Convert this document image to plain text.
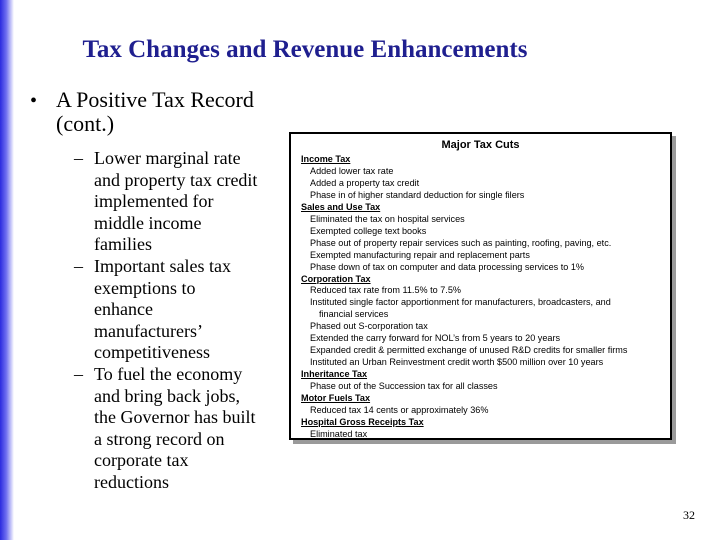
Tax Changes and Revenue Enhancements
• A Positive Tax Record
(cont.)
– Lower marginal rate
and property tax credit
implemented for
middle income
families
– Important sales tax
exemptions to
enhance
manufacturers’
competitiveness
– To fuel the economy
and bring back jobs,
the Governor has built
a strong record on
corporate tax
reductions
Major Tax Cuts
Income Tax
Added lower tax rate
Added a property tax credit
Phase in of higher standard deduction for single filers
Sales and Use Tax
Eliminated the tax on hospital services
Exempted college text books
Phase out of property repair services such as painting, roofing, paving, etc.
Exempted manufacturing repair and replacement parts
Phase down of tax on computer and data processing services to 1%
Corporation Tax
Reduced tax rate from 11.5% to 7.5%
Instituted single factor apportionment for manufacturers, broadcasters, and
financial services
Phased out S-corporation tax
Extended the carry forward for NOL’s from 5 years to 20 years
Expanded credit & permitted exchange of unused R&D credits for smaller firms
Instituted an Urban Reinvestment credit worth $500 million over 10 years
Inheritance Tax
Phase out of the Succession tax for all classes
Motor Fuels Tax
Reduced tax 14 cents or approximately 36%
Hospital Gross Receipts Tax
Eliminated tax
32
